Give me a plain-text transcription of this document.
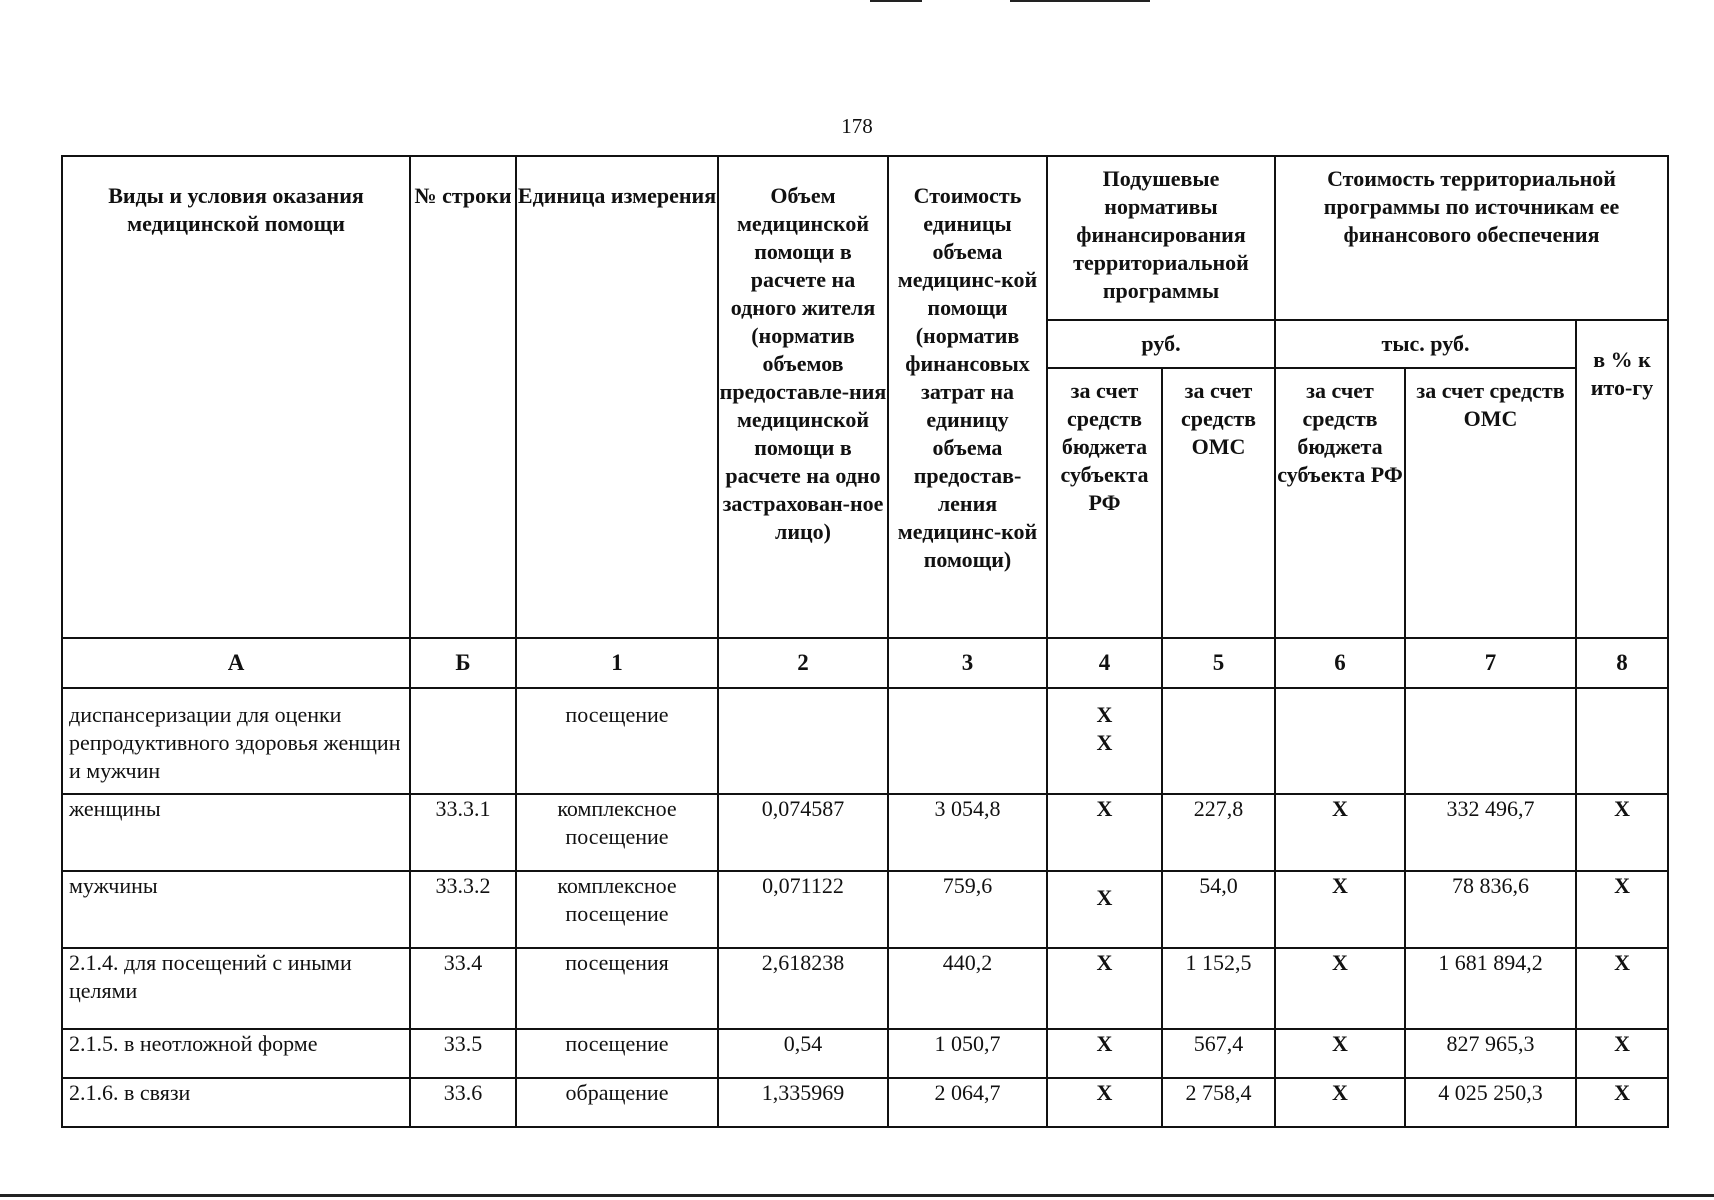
178
Виды и условия оказания медицинской помощи	№ строки	Единица измерения	Объем медицинской помощи в расчете на одного жителя (норматив объемов предоставле-ния медицинской помощи в расчете на одно застрахован-ное лицо)	Стоимость единицы объема медицинс-кой помощи (норматив финансовых затрат на единицу объема предостав-ления медицинс-кой помощи)	Подушевые нормативы финансирования территориальной программы		Стоимость территориальной программы по источникам ее финансового обеспечения		
					руб.		тыс. руб.		в % к ито-гу
					за счет средств бюджета субъекта РФ	за счет средств ОМС	за счет средств бюджета субъекта РФ	за счет средств ОМС	
А	Б	1	2	3	4	5	6	7	8
диспансеризации для оценки репродуктивного здоровья женщин и мужчин		посещение			Х
Х				

женщины	33.3.1	комплексное посещение	0,074587	3 054,8	Х	227,8	Х	332 496,7	Х
мужчины	33.3.2	комплексное посещение	0,071122	759,6	Х	54,0	Х	78 836,6	Х
2.1.4. для посещений с иными целями	33.4	посещения	2,618238	440,2	Х	1 152,5	Х	1 681 894,2	Х
2.1.5. в неотложной форме	33.5	посещение	0,54	1 050,7	Х	567,4	Х	827 965,3	Х
2.1.6. в связи	33.6	обращение	1,335969	2 064,7	Х	2 758,4	Х	4 025 250,3	Х
